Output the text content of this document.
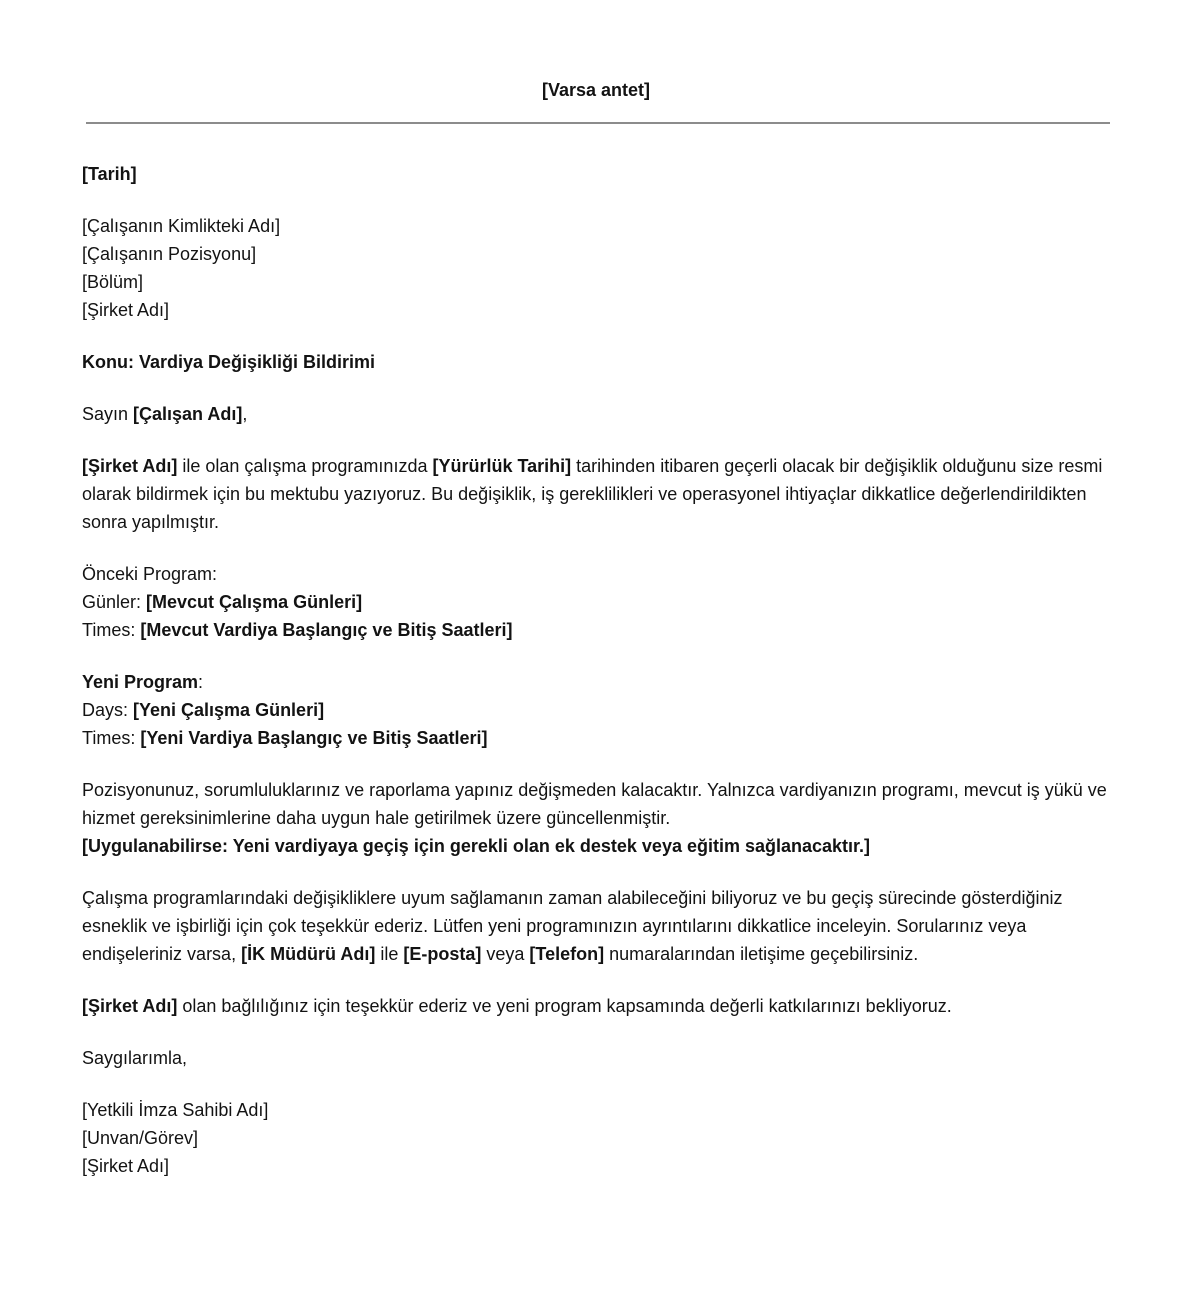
[Varsa antet]
[Tarih]
[Çalışanın Kimlikteki Adı]
[Çalışanın Pozisyonu]
[Bölüm]
[Şirket Adı]
Konu: Vardiya Değişikliği Bildirimi

Sayın [Çalışan Adı],

[Şirket Adı] ile olan çalışma programınızda [Yürürlük Tarihi] tarihinden itibaren geçerli olacak bir değişiklik olduğunu size resmi olarak bildirmek için bu mektubu yazıyoruz. Bu değişiklik, iş gereklilikleri ve operasyonel ihtiyaçlar dikkatlice değerlendirildikten sonra yapılmıştır.

Önceki Program:
Günler: [Mevcut Çalışma Günleri]
Times: [Mevcut Vardiya Başlangıç ve Bitiş Saatleri]
Yeni Program:
Days: [Yeni Çalışma Günleri]
Times: [Yeni Vardiya Başlangıç ve Bitiş Saatleri]

Pozisyonunuz, sorumluluklarınız ve raporlama yapınız değişmeden kalacaktır. Yalnızca vardiyanızın programı, mevcut iş yükü ve hizmet gereksinimlerine daha uygun hale getirilmek üzere güncellenmiştir.
[Uygulanabilirse: Yeni vardiyaya geçiş için gerekli olan ek destek veya eğitim sağlanacaktır.]

Çalışma programlarındaki değişikliklere uyum sağlamanın zaman alabileceğini biliyoruz ve bu geçiş sürecinde gösterdiğiniz esneklik ve işbirliği için çok teşekkür ederiz. Lütfen yeni programınızın ayrıntılarını dikkatlice inceleyin. Sorularınız veya endişeleriniz varsa, [İK Müdürü Adı] ile [E-posta] veya [Telefon] numaralarından iletişime geçebilirsiniz.

[Şirket Adı] olan bağlılığınız için teşekkür ederiz ve yeni program kapsamında değerli katkılarınızı bekliyoruz.

Saygılarımla,
[Yetkili İmza Sahibi Adı]
[Unvan/Görev]
[Şirket Adı]
